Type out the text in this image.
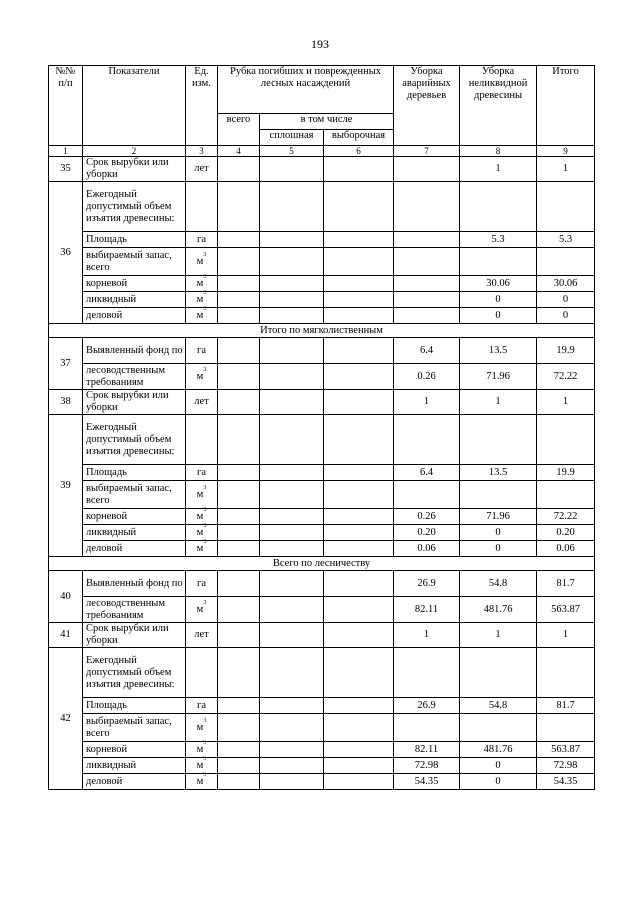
193
№№ п/п	Показатели	Ед. изм.	Рубка погибших и поврежденных лесных насаждений			Уборка аварийных деревьев	Уборка неликвидной древесины	Итого
			всего	в том числе				
				сплошная	выборочная			
1	2	3	4	5	6	7	8	9
35	Срок вырубки или уборки	лет					1	1
36	Ежегодный допустимый объем изъятия древесины:							
	Площадь	га					5.3	5.3
	выбираемый запас, всего	$м^3$						
	корневой	$м^3$					30.06	30.06
	ликвидный	$м^3$					0	0
	деловой	$м^3$					0	0
Итого по мягколиственным								
37	Выявленный фонд по	га				6.4	13.5	19.9
	лесоводственным требованиям	$м^3$				0.26	71.96	72.22
38	Срок вырубки или уборки	лет				1	1	1
39	Ежегодный допустимый объем изъятия древесины:							
	Площадь	га				6.4	13.5	19.9
	выбираемый запас, всего	$м^3$						
	корневой	$м^3$				0.26	71.96	72.22
	ликвидный	$м^3$				0.20	0	0.20
	деловой	$м^3$				0.06	0	0.06
Всего по лесничеству								
40	Выявленный фонд по	га				26.9	54.8	81.7
	лесоводственным требованиям	$м^3$				82.11	481.76	563.87
41	Срок вырубки или уборки	лет				1	1	1
42	Ежегодный допустимый объем изъятия древесины:							
	Площадь	га				26.9	54.8	81.7
	выбираемый запас, всего	$м^3$						
	корневой	$м^3$				82.11	481.76	563.87
	ликвидный	$м^3$				72.98	0	72.98
	деловой	$м^3$				54.35	0	54.35
